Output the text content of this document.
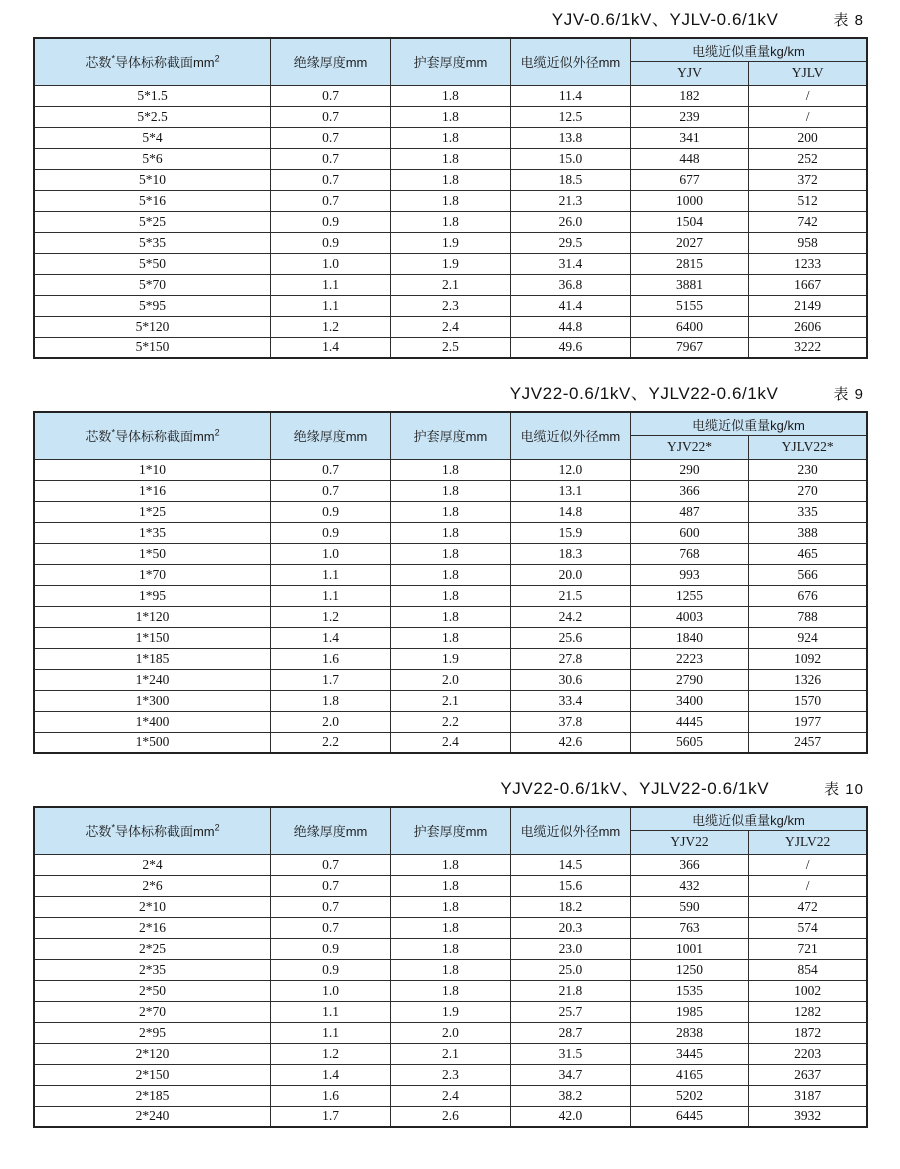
YJV-0.6/1kV、YJLV-0.6/1kV	表 8
芯数*导体标称截面$mm^2$	绝缘厚度mm	护套厚度mm	电缆近似外径mm	电缆近似重量kg/km	
				YJV	YJLV
5*1.5	0.7	1.8	11.4	182	/
5*2.5	0.7	1.8	12.5	239	/
5*4	0.7	1.8	13.8	341	200
5*6	0.7	1.8	15.0	448	252
5*10	0.7	1.8	18.5	677	372
5*16	0.7	1.8	21.3	1000	512
5*25	0.9	1.8	26.0	1504	742
5*35	0.9	1.9	29.5	2027	958
5*50	1.0	1.9	31.4	2815	1233
5*70	1.1	2.1	36.8	3881	1667
5*95	1.1	2.3	41.4	5155	2149
5*120	1.2	2.4	44.8	6400	2606
5*150	1.4	2.5	49.6	7967	3222
YJV22-0.6/1kV、YJLV22-0.6/1kV	表 9
芯数*导体标称截面$mm^2$	绝缘厚度mm	护套厚度mm	电缆近似外径mm	电缆近似重量kg/km	
				YJV22*	YJLV22*
1*10	0.7	1.8	12.0	290	230
1*16	0.7	1.8	13.1	366	270
1*25	0.9	1.8	14.8	487	335
1*35	0.9	1.8	15.9	600	388
1*50	1.0	1.8	18.3	768	465
1*70	1.1	1.8	20.0	993	566
1*95	1.1	1.8	21.5	1255	676
1*120	1.2	1.8	24.2	4003	788
1*150	1.4	1.8	25.6	1840	924
1*185	1.6	1.9	27.8	2223	1092
1*240	1.7	2.0	30.6	2790	1326
1*300	1.8	2.1	33.4	3400	1570
1*400	2.0	2.2	37.8	4445	1977
1*500	2.2	2.4	42.6	5605	2457
YJV22-0.6/1kV、YJLV22-0.6/1kV	表 10
芯数*导体标称截面$mm^2$	绝缘厚度mm	护套厚度mm	电缆近似外径mm	电缆近似重量kg/km	
				YJV22	YJLV22
2*4	0.7	1.8	14.5	366	/
2*6	0.7	1.8	15.6	432	/
2*10	0.7	1.8	18.2	590	472
2*16	0.7	1.8	20.3	763	574
2*25	0.9	1.8	23.0	1001	721
2*35	0.9	1.8	25.0	1250	854
2*50	1.0	1.8	21.8	1535	1002
2*70	1.1	1.9	25.7	1985	1282
2*95	1.1	2.0	28.7	2838	1872
2*120	1.2	2.1	31.5	3445	2203
2*150	1.4	2.3	34.7	4165	2637
2*185	1.6	2.4	38.2	5202	3187
2*240	1.7	2.6	42.0	6445	3932
